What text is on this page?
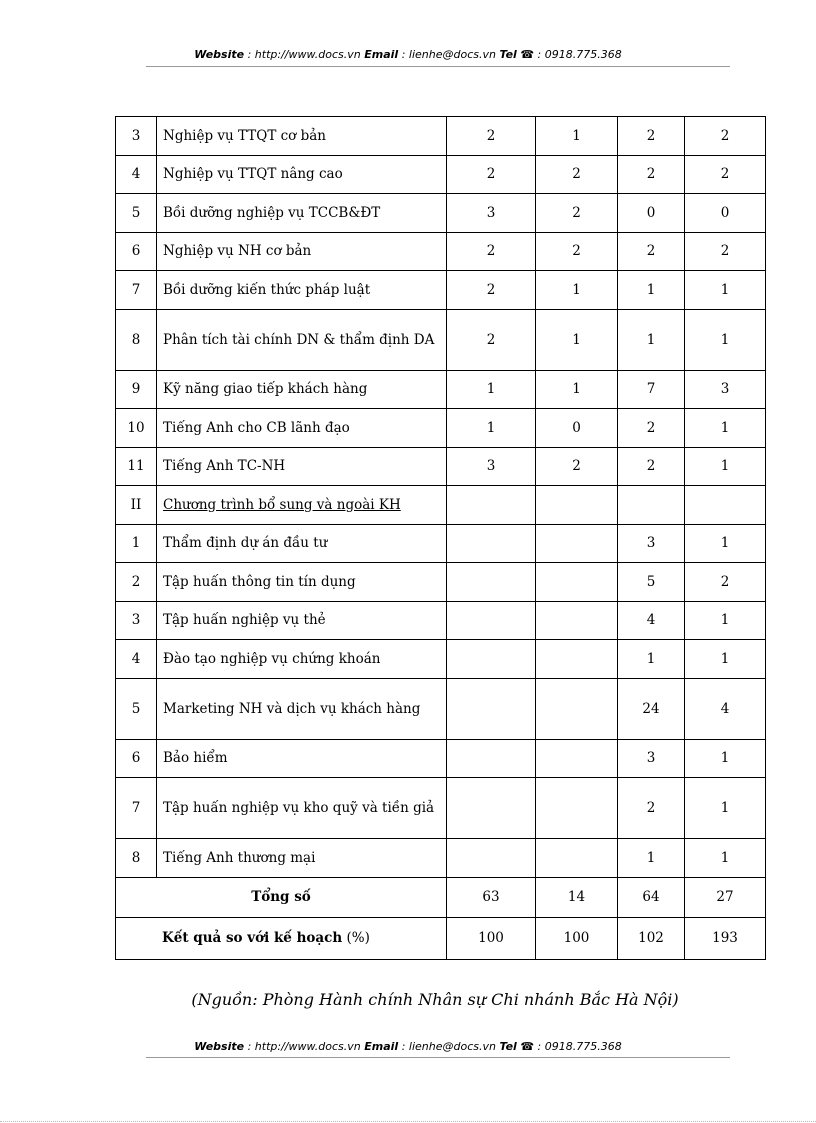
Website : http://www.docs.vn Email : lienhe@docs.vn Tel ☎ : 0918.775.368
3	Nghiệp vụ TTQT cơ bản	2	1	2	2
4	Nghiệp vụ TTQT nâng cao	2	2	2	2
5	Bồi dưỡng nghiệp vụ TCCB&ĐT	3	2	0	0
6	Nghiệp vụ NH cơ bản	2	2	2	2
7	Bồi dưỡng kiến thức pháp luật	2	1	1	1
8	Phân tích tài chính DN & thẩm định DA	2	1	1	1
9	Kỹ năng giao tiếp khách hàng	1	1	7	3
10	Tiếng Anh cho CB lãnh đạo	1	0	2	1
11	Tiếng Anh TC-NH	3	2	2	1
II	Chương trình bổ sung và ngoài KH				
1	Thẩm định dự án đầu tư			3	1
2	Tập huấn thông tin tín dụng			5	2
3	Tập huấn nghiệp vụ thẻ			4	1
4	Đào tạo nghiệp vụ chứng khoán			1	1
5	Marketing NH và dịch vụ khách hàng			24	4
6	Bảo hiểm			3	1
7	Tập huấn nghiệp vụ kho quỹ và tiền giả			2	1
8	Tiếng Anh thương mại			1	1
Tổng số		63	14	64	27
Kết quả so với kế hoạch (%)		100	100	102	193
(Nguồn: Phòng Hành chính Nhân sự Chi nhánh Bắc Hà Nội)
Website : http://www.docs.vn Email : lienhe@docs.vn Tel ☎ : 0918.775.368
